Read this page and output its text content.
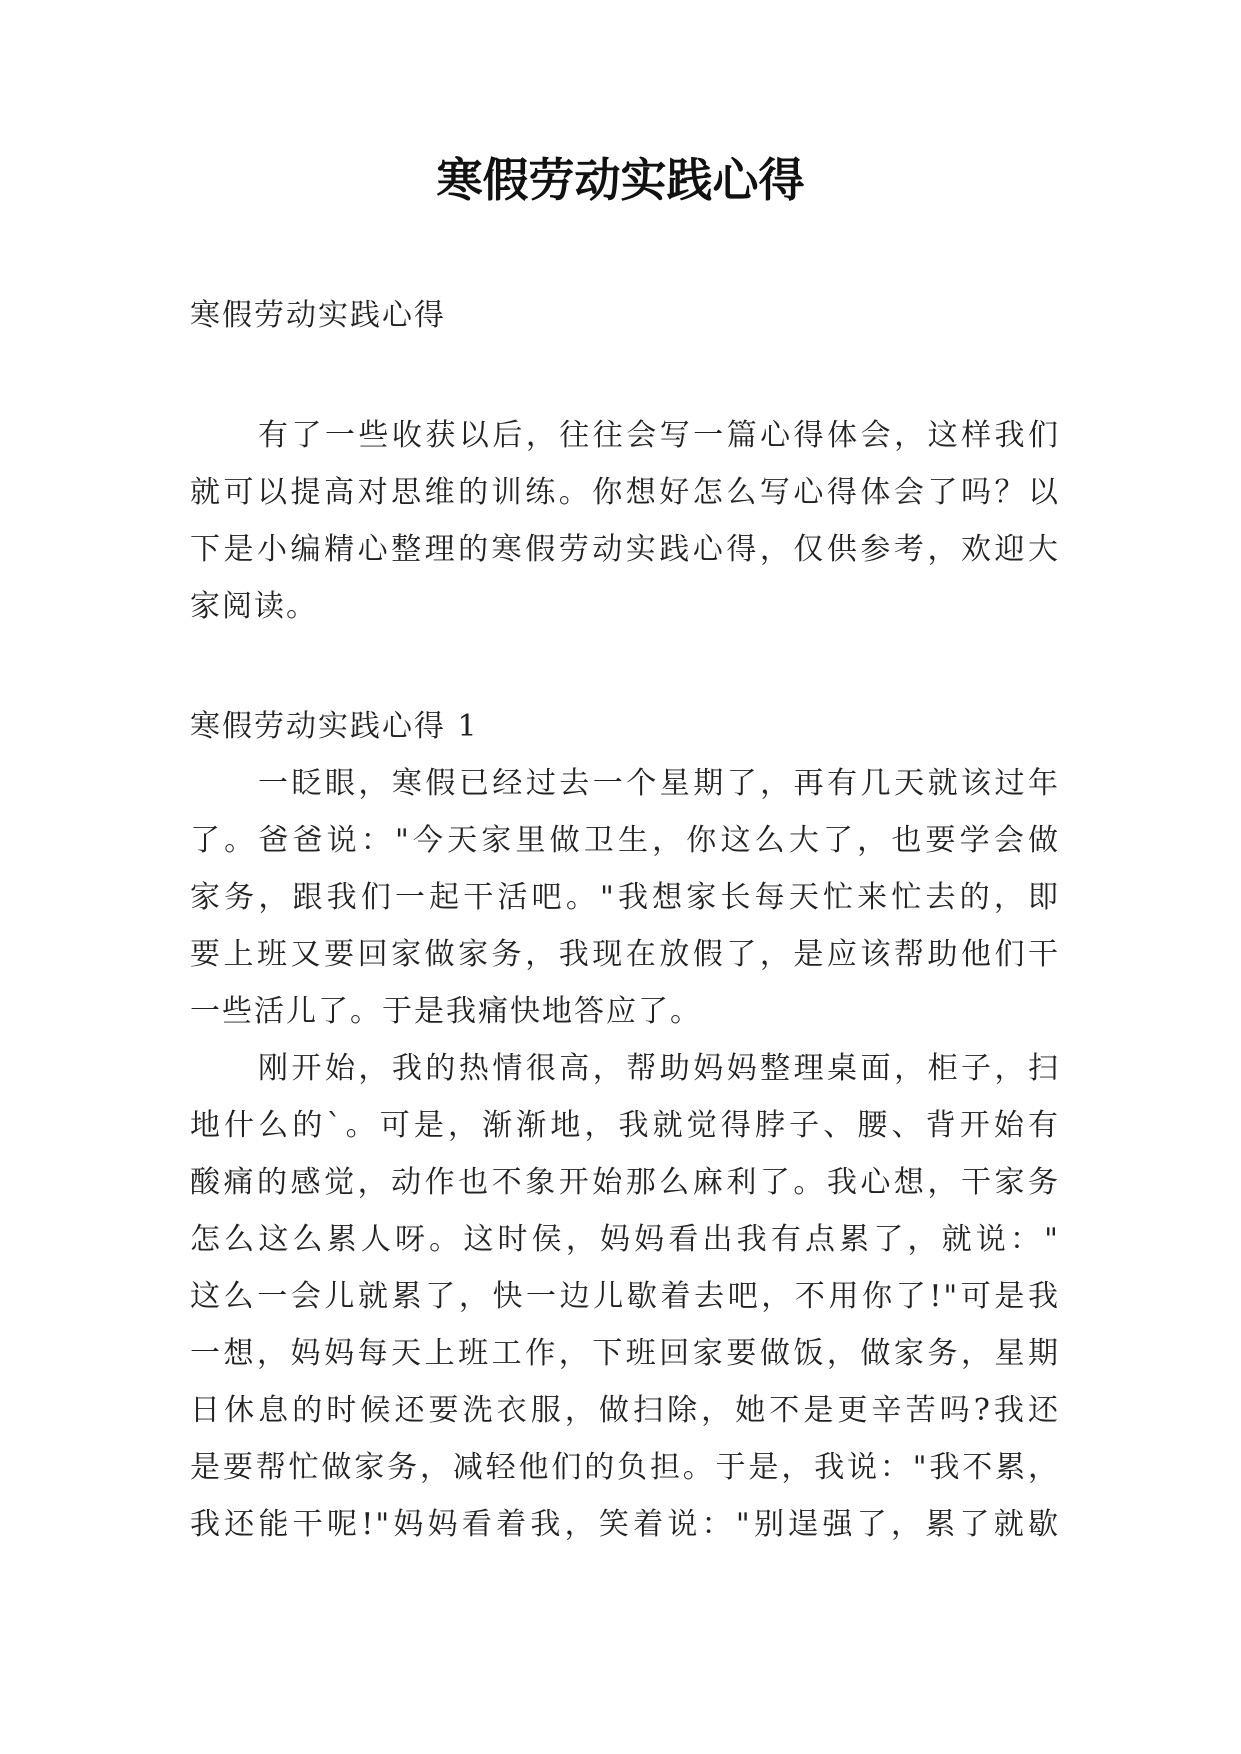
寒假劳动实践心得

寒假劳动实践心得

有了一些收获以后，往往会写一篇心得体会，这样我们

就可以提高对思维的训练。你想好怎么写心得体会了吗？以

下是小编精心整理的寒假劳动实践心得，仅供参考，欢迎大

家阅读。

寒假劳动实践心得 1

一眨眼，寒假已经过去一个星期了，再有几天就该过年

了。爸爸说："今天家里做卫生，你这么大了，也要学会做

家务，跟我们一起干活吧。"我想家长每天忙来忙去的，即

要上班又要回家做家务，我现在放假了，是应该帮助他们干

一些活儿了。于是我痛快地答应了。

刚开始，我的热情很高，帮助妈妈整理桌面，柜子，扫

地什么的`。可是，渐渐地，我就觉得脖子、腰、背开始有

酸痛的感觉，动作也不象开始那么麻利了。我心想，干家务

怎么这么累人呀。这时侯，妈妈看出我有点累了，就说："

这么一会儿就累了，快一边儿歇着去吧，不用你了!"可是我

一想，妈妈每天上班工作，下班回家要做饭，做家务，星期

日休息的时候还要洗衣服，做扫除，她不是更辛苦吗?我还

是要帮忙做家务，减轻他们的负担。于是，我说："我不累，

我还能干呢!"妈妈看着我，笑着说："别逞强了，累了就歇
